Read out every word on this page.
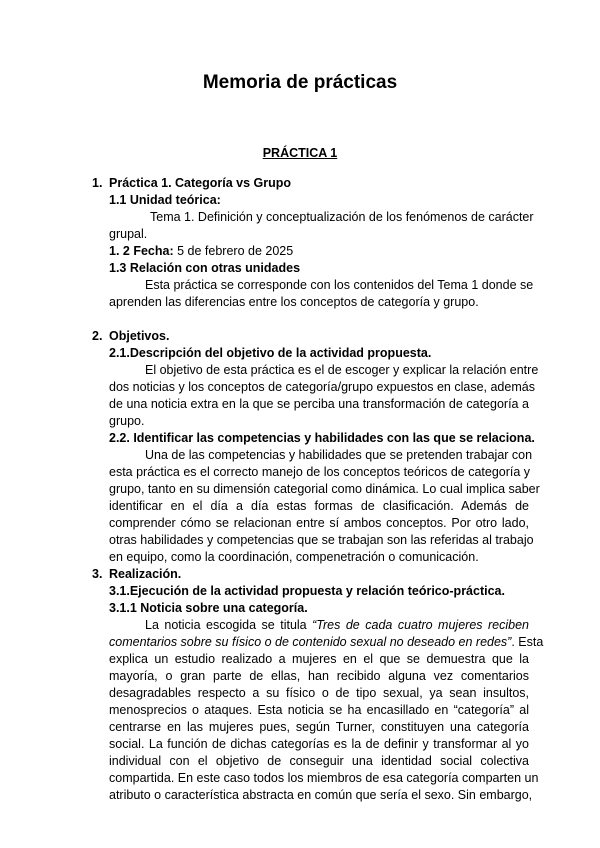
Memoria de prácticas
PRÁCTICA 1
1. Práctica 1. Categoría vs Grupo
1.1 Unidad teórica:
Tema 1. Definición y conceptualización de los fenómenos de carácter
grupal.
1. 2 Fecha: 5 de febrero de 2025
1.3 Relación con otras unidades
Esta práctica se corresponde con los contenidos del Tema 1 donde se
aprenden las diferencias entre los conceptos de categoría y grupo.
2. Objetivos.
2.1.Descripción del objetivo de la actividad propuesta.
El objetivo de esta práctica es el de escoger y explicar la relación entre
dos noticias y los conceptos de categoría/grupo expuestos en clase, además
de una noticia extra en la que se perciba una transformación de categoría a
grupo.
2.2. Identificar las competencias y habilidades con las que se relaciona.
Una de las competencias y habilidades que se pretenden trabajar con
esta práctica es el correcto manejo de los conceptos teóricos de categoría y
grupo, tanto en su dimensión categorial como dinámica. Lo cual implica saber
identificar en el día a día estas formas de clasificación. Además de
comprender cómo se relacionan entre sí ambos conceptos. Por otro lado,
otras habilidades y competencias que se trabajan son las referidas al trabajo
en equipo, como la coordinación, compenetración o comunicación.
3. Realización.
3.1.Ejecución de la actividad propuesta y relación teórico-práctica.
3.1.1 Noticia sobre una categoría.
La noticia escogida se titula “Tres de cada cuatro mujeres reciben
comentarios sobre su físico o de contenido sexual no deseado en redes”. Esta
explica un estudio realizado a mujeres en el que se demuestra que la
mayoría, o gran parte de ellas, han recibido alguna vez comentarios
desagradables respecto a su físico o de tipo sexual, ya sean insultos,
menosprecios o ataques. Esta noticia se ha encasillado en “categoría” al
centrarse en las mujeres pues, según Turner, constituyen una categoría
social. La función de dichas categorías es la de definir y transformar al yo
individual con el objetivo de conseguir una identidad social colectiva
compartida. En este caso todos los miembros de esa categoría comparten un
atributo o característica abstracta en común que sería el sexo. Sin embargo,
